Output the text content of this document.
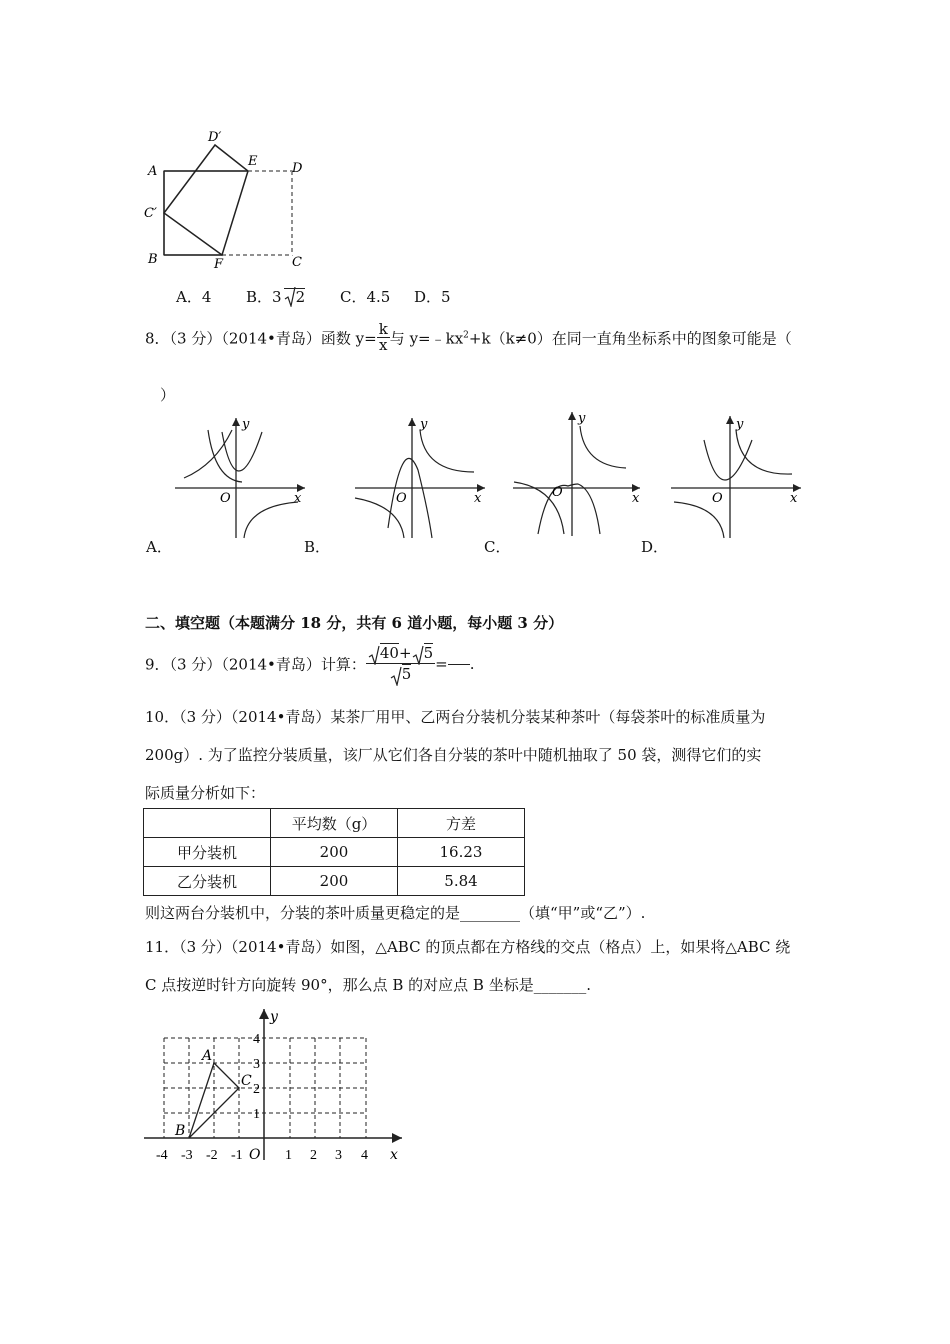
A
B	C
D
D′
E
F
C′
A．4 B．3 2 C．4.5 D．5
8．（3 分）（2014•青岛）函数 $y= \frac{k}{x}$ 与 $y=﹣kx^2+k(k\ne 0)$在同一直角坐标系中的图象可能是（
）
y
x
O
y
x
O
y
x
O
y
x
O
A．	B．	C．	D．
二、填空题（本题满分 18 分，共有 6 道小题，每小题 3 分）
9．（3 分）（2014•青岛）计算： $\frac{40+ 5}{5}$ = .
10．（3 分）（2014•青岛）某茶厂用甲、乙两台分装机分装某种茶叶（每袋茶叶的标准质量为
200g）. 为了监控分装质量，该厂从它们各自分装的茶叶中随机抽取了 50 袋，测得它们的实
际质量分析如下：
	平均数（g）	方差
甲分装机	200	16.23
乙分装机	200	5.84
则这两台分装机中，分装的茶叶质量更稳定的是________（填“甲”或“乙”）.
11．（3 分）（2014•青岛）如图，△ABC 的顶点都在方格线的交点（格点）上，如果将△ABC 绕
C 点按逆时针方向旋转 90°，那么点 B 的对应点 B 坐标是_______.
-4 -3 -2 -1	1 2 3 4
1
2
3
4
O	x
y
A
B
C
